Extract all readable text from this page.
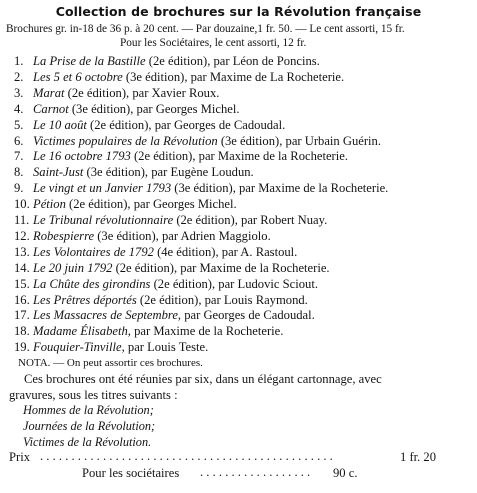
Collection de brochures sur la Révolution française
Brochures gr. in-18 de 36 p. à 20 cent. — Par douzaine,1 fr. 50. — Le cent assorti, 15 fr.
Pour les Sociétaires, le cent assorti, 12 fr.
1. La Prise de la Bastille (2e édition), par Léon de Poncins.
2. Les 5 et 6 octobre (3e édition), par Maxime de La Rocheterie.
3. Marat (2e édition), par Xavier Roux.
4. Carnot (3e édition), par Georges Michel.
5. Le 10 août (2e édition), par Georges de Cadoudal.
6. Victimes populaires de la Révolution (3e édition), par Urbain Guérin.
7. Le 16 octobre 1793 (2e édition), par Maxime de la Rocheterie.
8. Saint-Just (3e édition), par Eugène Loudun.
9. Le vingt et un Janvier 1793 (3e édition), par Maxime de la Rocheterie.
10. Pétion (2e édition), par Georges Michel.
11. Le Tribunal révolutionnaire (2e édition), par Robert Nuay.
12. Robespierre (3e édition), par Adrien Maggiolo.
13. Les Volontaires de 1792 (4e édition), par A. Rastoul.
14. Le 20 juin 1792 (2e édition), par Maxime de la Rocheterie.
15. La Chûte des girondins (2e édition), par Ludovic Sciout.
16. Les Prêtres déportés (2e édition), par Louis Raymond.
17. Les Massacres de Septembre, par Georges de Cadoudal.
18. Madame Élisabeth, par Maxime de la Rocheterie.
19. Fouquier-Tinville, par Louis Teste.
NOTA. — On peut assortir ces brochures.
Ces brochures ont été réunies par six, dans un élégant cartonnage, avec
gravures, sous les titres suivants :
Hommes de la Révolution;
Journées de la Révolution;
Victimes de la Révolution.
Prix . . . . . . . . . . . . . . . . . . . . . . . . . . . . . . . . . . . . . . . . . . . . . . .	1 fr. 20
Pour les sociétaires . . . . . . . . . . . . . . . . . . 90 c.
